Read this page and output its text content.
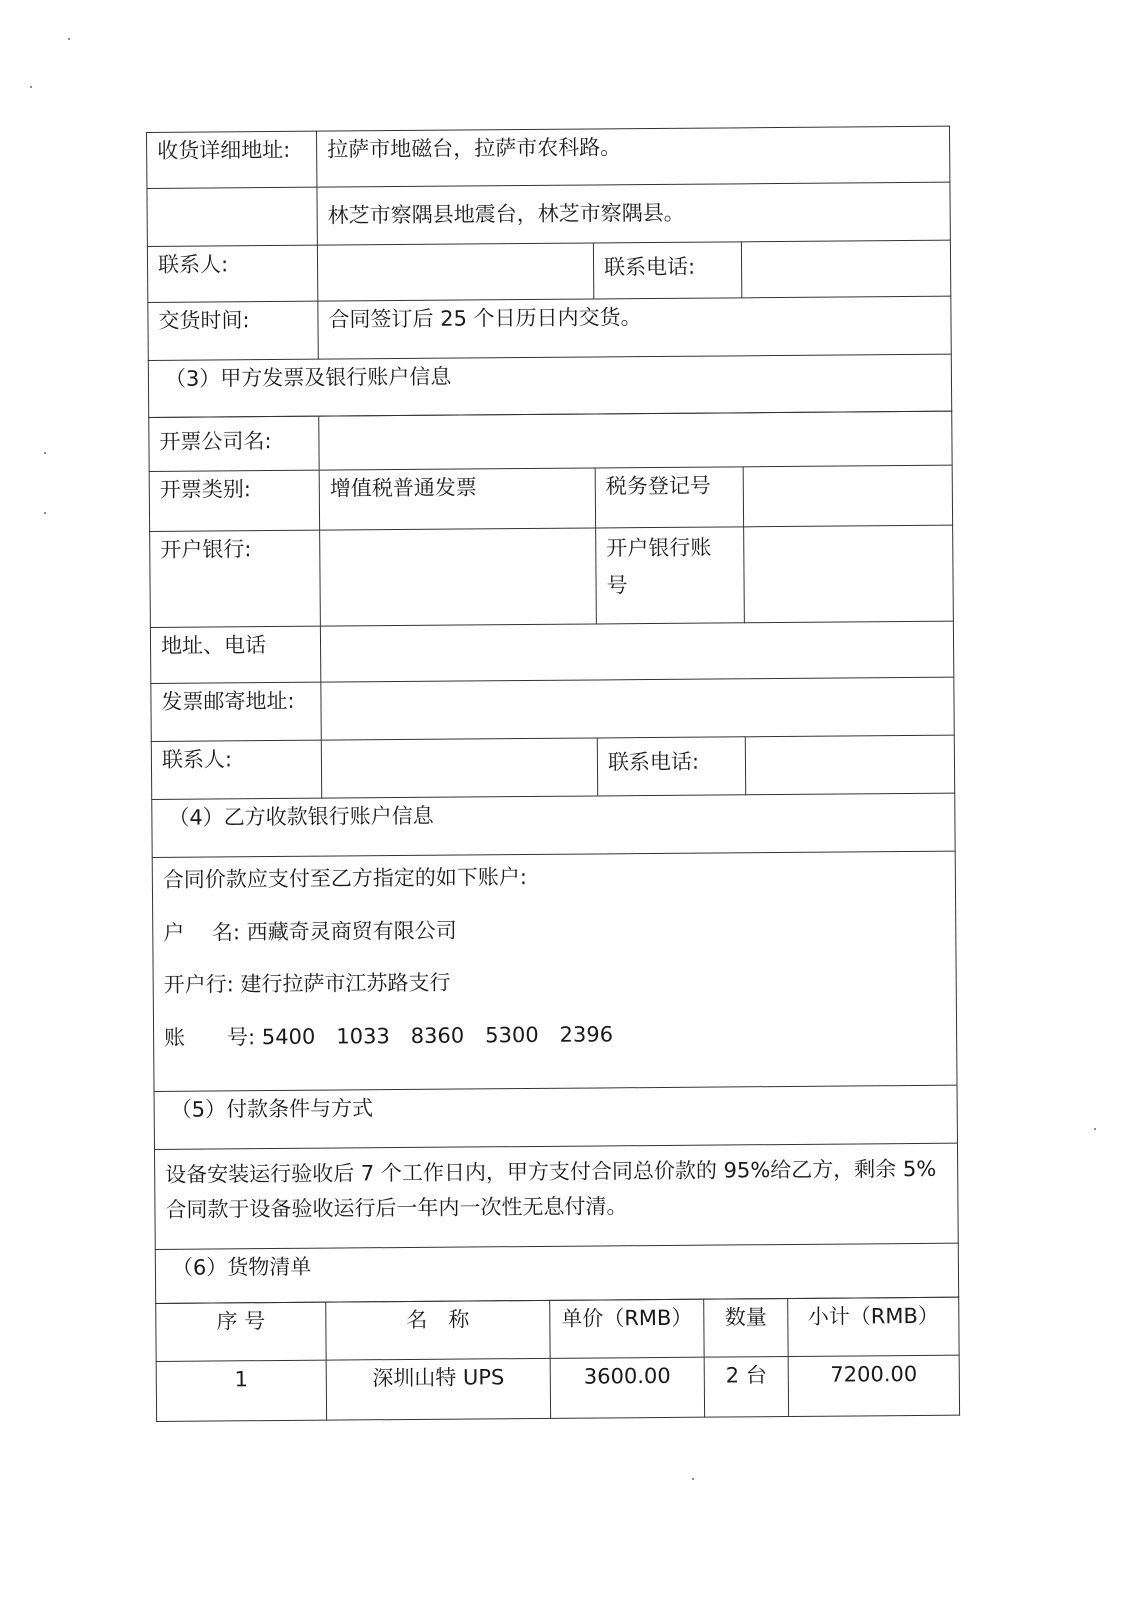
收货详细地址:	拉萨市地磁台，拉萨市农科路。		
	林芝市察隅县地震台，林芝市察隅县。		
联系人:		联系电话:	
交货时间:	合同签订后 25 个日历日内交货。		
（3）甲方发票及银行账户信息			
开票公司名:			
开票类别:	增值税普通发票	税务登记号	
开户银行:		开户银行账
号	
地址、电话			
发票邮寄地址:			
联系人:		联系电话:	
（4）乙方收款银行账户信息			

合同价款应支付至乙方指定的如下账户:

户　 名: 西藏奇灵商贸有限公司

开户行: 建行拉萨市江苏路支行

账　　号: 5400　1033　8360　5300　2396			

（5）付款条件与方式			
设备安装运行验收后 7 个工作日内，甲方支付合同总价款的 95%给乙方，剩余 5%合同款于设备验收运行后一年内一次性无息付清。			
（6）货物清单			
序 号	名　称	单价（RMB）	数量	小计（RMB）
1	深圳山特 UPS	3600.00	2 台	7200.00
